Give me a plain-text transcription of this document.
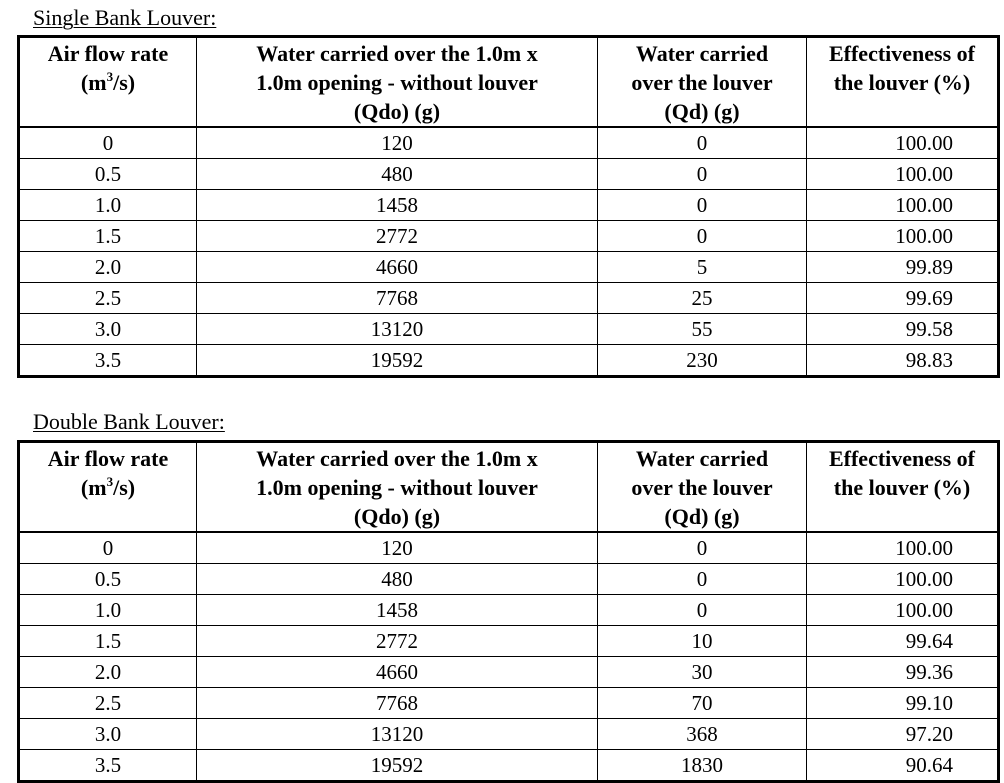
Single Bank Louver:
Air flow rate
$(m^3/s)$	Water carried over the 1.0m x
1.0m opening - without louver
(Qdo) (g)	Water carried
over the louver
(Qd) (g)	Effectiveness of
the louver (%)
0	120	0	100.00
0.5	480	0	100.00
1.0	1458	0	100.00
1.5	2772	0	100.00
2.0	4660	5	99.89
2.5	7768	25	99.69
3.0	13120	55	99.58
3.5	19592	230	98.83
Double Bank Louver:
Air flow rate
$(m^3/s)$	Water carried over the 1.0m x
1.0m opening - without louver
(Qdo) (g)	Water carried
over the louver
(Qd) (g)	Effectiveness of
the louver (%)
0	120	0	100.00
0.5	480	0	100.00
1.0	1458	0	100.00
1.5	2772	10	99.64
2.0	4660	30	99.36
2.5	7768	70	99.10
3.0	13120	368	97.20
3.5	19592	1830	90.64
